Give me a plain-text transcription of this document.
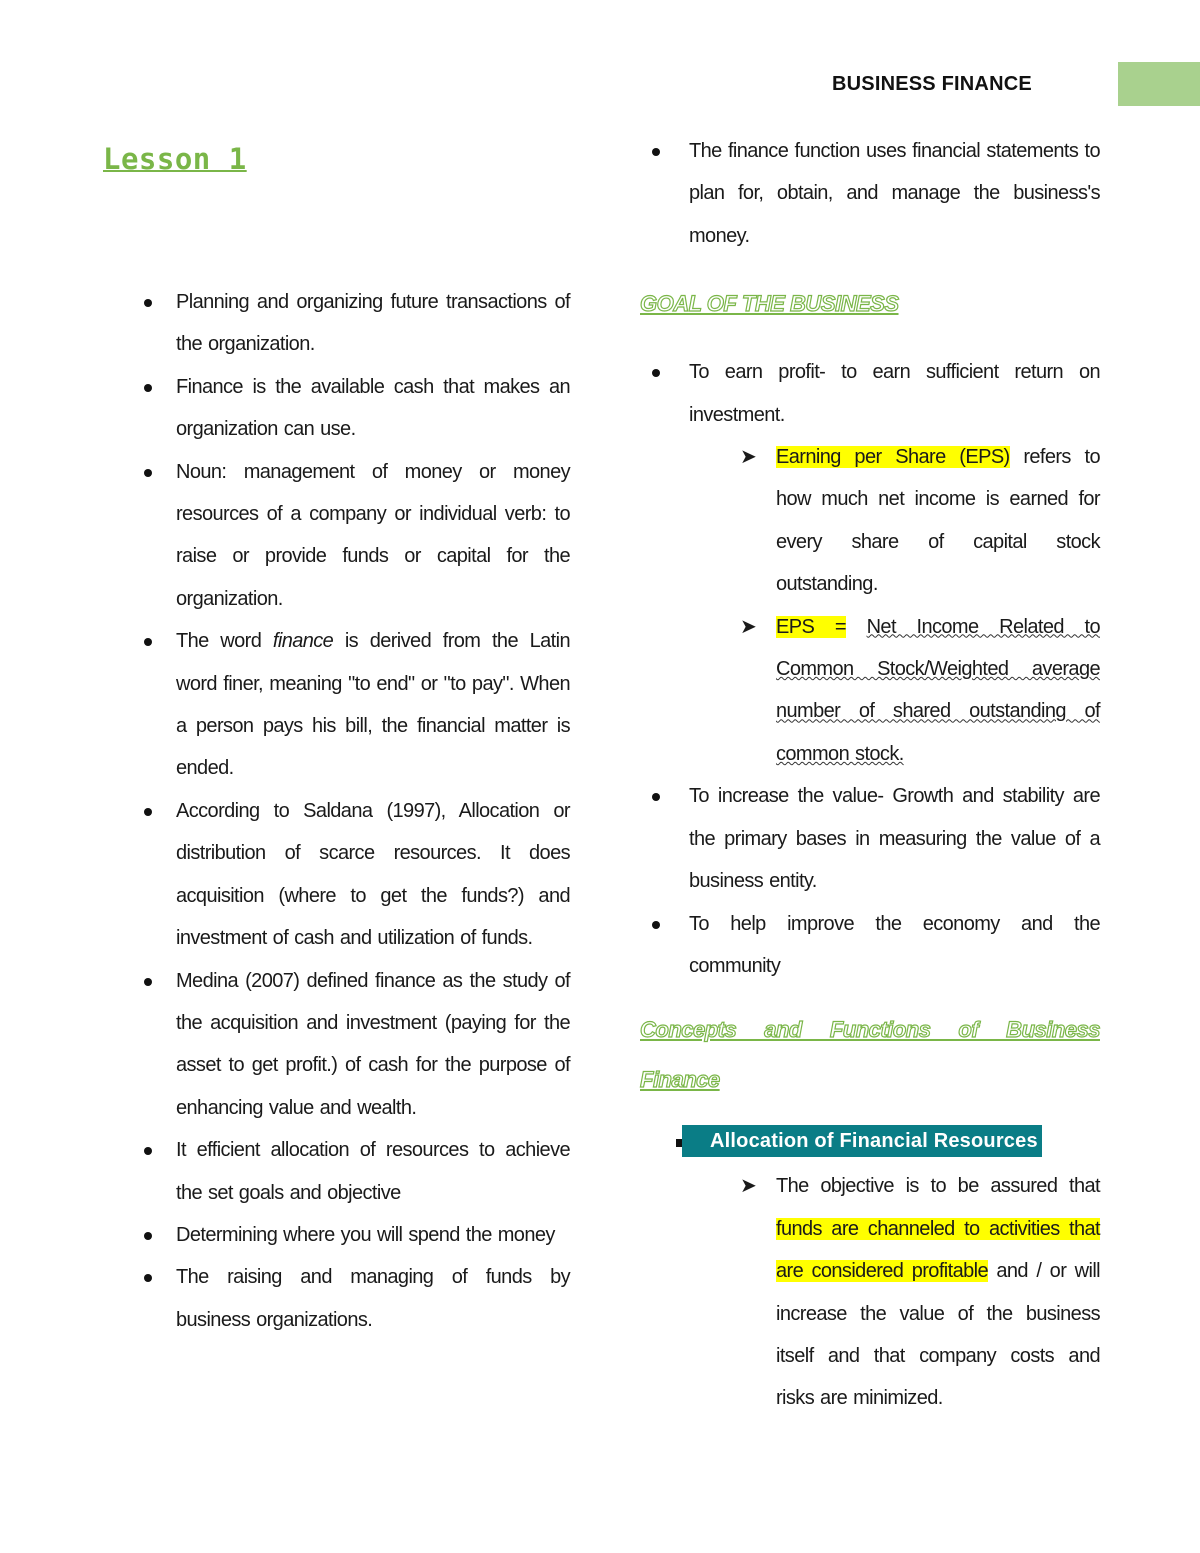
BUSINESS FINANCE
Lesson 1
Planning and organizing future transactions of the organization.
Finance is the available cash that makes an organization can use.
Noun: management of money or money resources of a company or individual verb: to raise or provide funds or capital for the organization.
The word finance is derived from the Latin word finer, meaning "to end" or "to pay". When a person pays his bill, the financial matter is ended.
According to Saldana (1997), Allocation or distribution of scarce resources. It does acquisition (where to get the funds?) and investment of cash and utilization of funds.
Medina (2007) defined finance as the study of the acquisition and investment (paying for the asset to get profit.) of cash for the purpose of enhancing value and wealth.
It efficient allocation of resources to achieve the set goals and objective
Determining where you will spend the money
The raising and managing of funds by business organizations.
The finance function uses financial statements to plan for, obtain, and manage the business's money.
GOAL OF THE BUSINESS
To earn profit- to earn sufficient return on investment.
➤ Earning per Share (EPS) refers to how much net income is earned for every share of capital stock outstanding.
➤ EPS = Net Income Related to Common Stock/Weighted average number of shared outstanding of common stock.
To increase the value- Growth and stability are the primary bases in measuring the value of a business entity.
To help improve the economy and the community
Concepts and Functions of Business Finance
Allocation of Financial Resources
➤ The objective is to be assured that funds are channeled to activities that are considered profitable and / or will increase the value of the business itself and that company costs and risks are minimized.
